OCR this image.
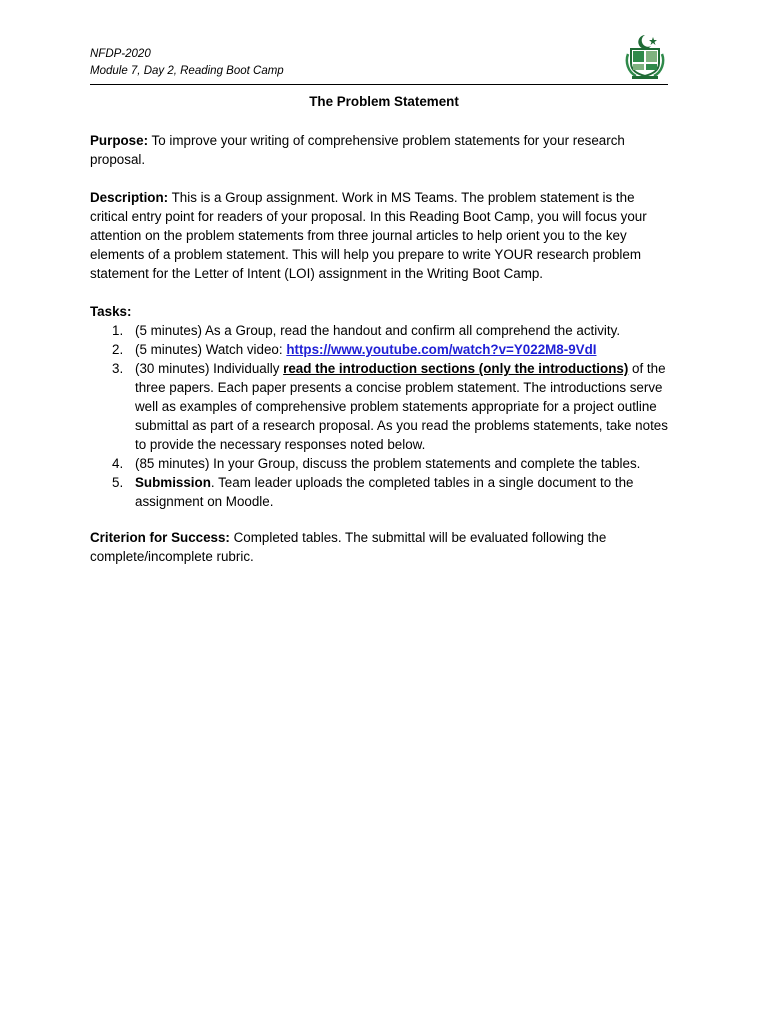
NFDP-2020
Module 7, Day 2, Reading Boot Camp
The Problem Statement

Purpose: To improve your writing of comprehensive problem statements for your research proposal.

Description: This is a Group assignment. Work in MS Teams. The problem statement is the critical entry point for readers of your proposal. In this Reading Boot Camp, you will focus your attention on the problem statements from three journal articles to help orient you to the key elements of a problem statement. This will help you prepare to write YOUR research problem statement for the Letter of Intent (LOI) assignment in the Writing Boot Camp.

Tasks:

1. (5 minutes) As a Group, read the handout and confirm all comprehend the activity.
2. (5 minutes) Watch video: https://www.youtube.com/watch?v=Y022M8-9VdI
3. (30 minutes) Individually read the introduction sections (only the introductions) of the three papers. Each paper presents a concise problem statement. The introductions serve well as examples of comprehensive problem statements appropriate for a project outline submittal as part of a research proposal. As you read the problems statements, take notes to provide the necessary responses noted below.
4. (85 minutes) In your Group, discuss the problem statements and complete the tables.
5. Submission. Team leader uploads the completed tables in a single document to the assignment on Moodle.

Criterion for Success: Completed tables. The submittal will be evaluated following the complete/incomplete rubric.
